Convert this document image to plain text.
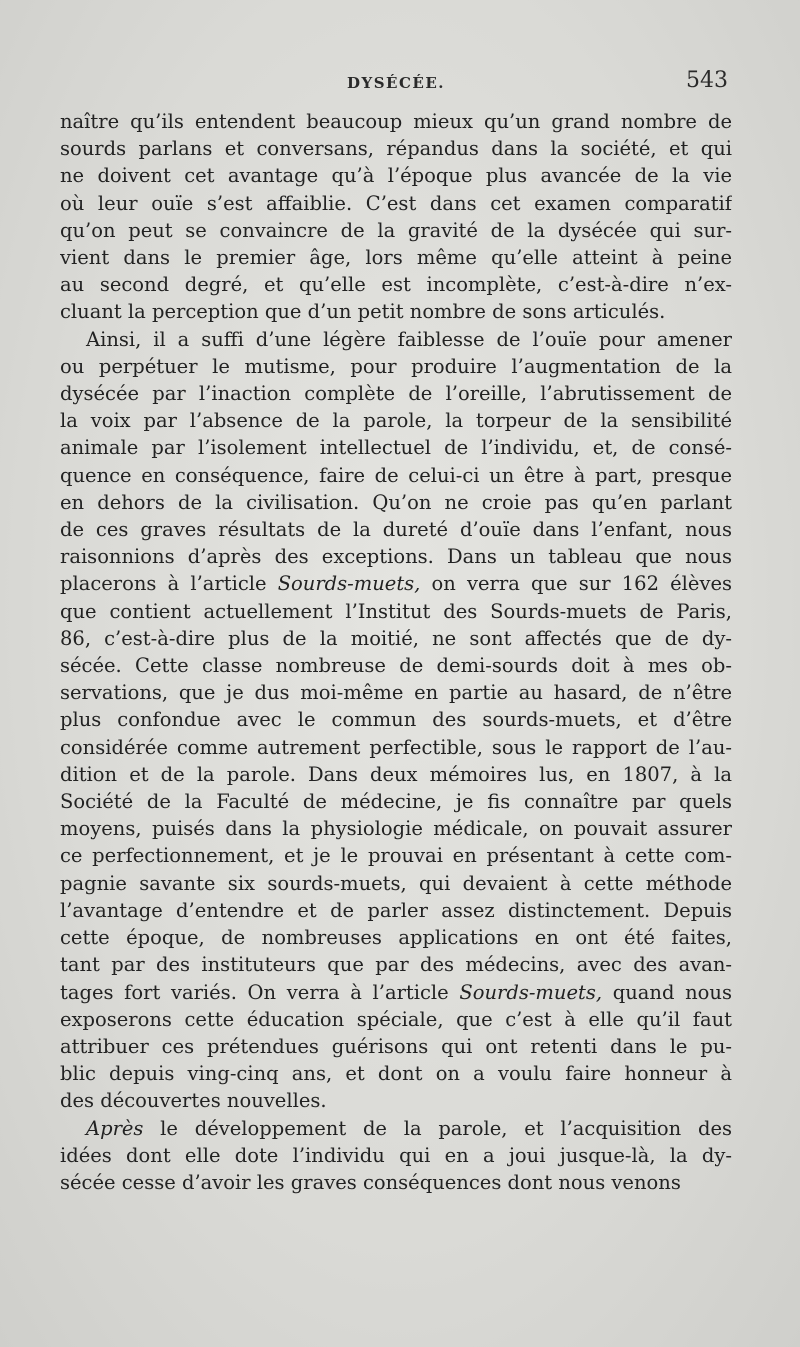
DYSÉCÉE.	543

naître qu’ils entendent beaucoup mieux qu’un grand nombre de
sourds parlans et conversans, répandus dans la société, et qui
ne doivent cet avantage qu’à l’époque plus avancée de la vie
où leur ouïe s’est affaiblie. C’est dans cet examen comparatif
qu’on peut se convaincre de la gravité de la dysécée qui sur-
vient dans le premier âge, lors même qu’elle atteint à peine
au second degré, et qu’elle est incomplète, c’est-à-dire n’ex-
cluant la perception que d’un petit nombre de sons articulés.

Ainsi, il a suffi d’une légère faiblesse de l’ouïe pour amener
ou perpétuer le mutisme, pour produire l’augmentation de la
dysécée par l’inaction complète de l’oreille, l’abrutissement de
la voix par l’absence de la parole, la torpeur de la sensibilité
animale par l’isolement intellectuel de l’individu, et, de consé-
quence en conséquence, faire de celui-ci un être à part, presque
en dehors de la civilisation. Qu’on ne croie pas qu’en parlant
de ces graves résultats de la dureté d’ouïe dans l’enfant, nous
raisonnions d’après des exceptions. Dans un tableau que nous
placerons à l’article Sourds-muets, on verra que sur 162 élèves
que contient actuellement l’Institut des Sourds-muets de Paris,
86, c’est-à-dire plus de la moitié, ne sont affectés que de dy-
sécée. Cette classe nombreuse de demi-sourds doit à mes ob-
servations, que je dus moi-même en partie au hasard, de n’être
plus confondue avec le commun des sourds-muets, et d’être
considérée comme autrement perfectible, sous le rapport de l’au-
dition et de la parole. Dans deux mémoires lus, en 1807, à la
Société de la Faculté de médecine, je fis connaître par quels
moyens, puisés dans la physiologie médicale, on pouvait assurer
ce perfectionnement, et je le prouvai en présentant à cette com-
pagnie savante six sourds-muets, qui devaient à cette méthode
l’avantage d’entendre et de parler assez distinctement. Depuis
cette époque, de nombreuses applications en ont été faites,
tant par des instituteurs que par des médecins, avec des avan-
tages fort variés. On verra à l’article Sourds-muets, quand nous
exposerons cette éducation spéciale, que c’est à elle qu’il faut
attribuer ces prétendues guérisons qui ont retenti dans le pu-
blic depuis ving-cinq ans, et dont on a voulu faire honneur à
des découvertes nouvelles.

Après le développement de la parole, et l’acquisition des
idées dont elle dote l’individu qui en a joui jusque-là, la dy-
sécée cesse d’avoir les graves conséquences dont nous venons
